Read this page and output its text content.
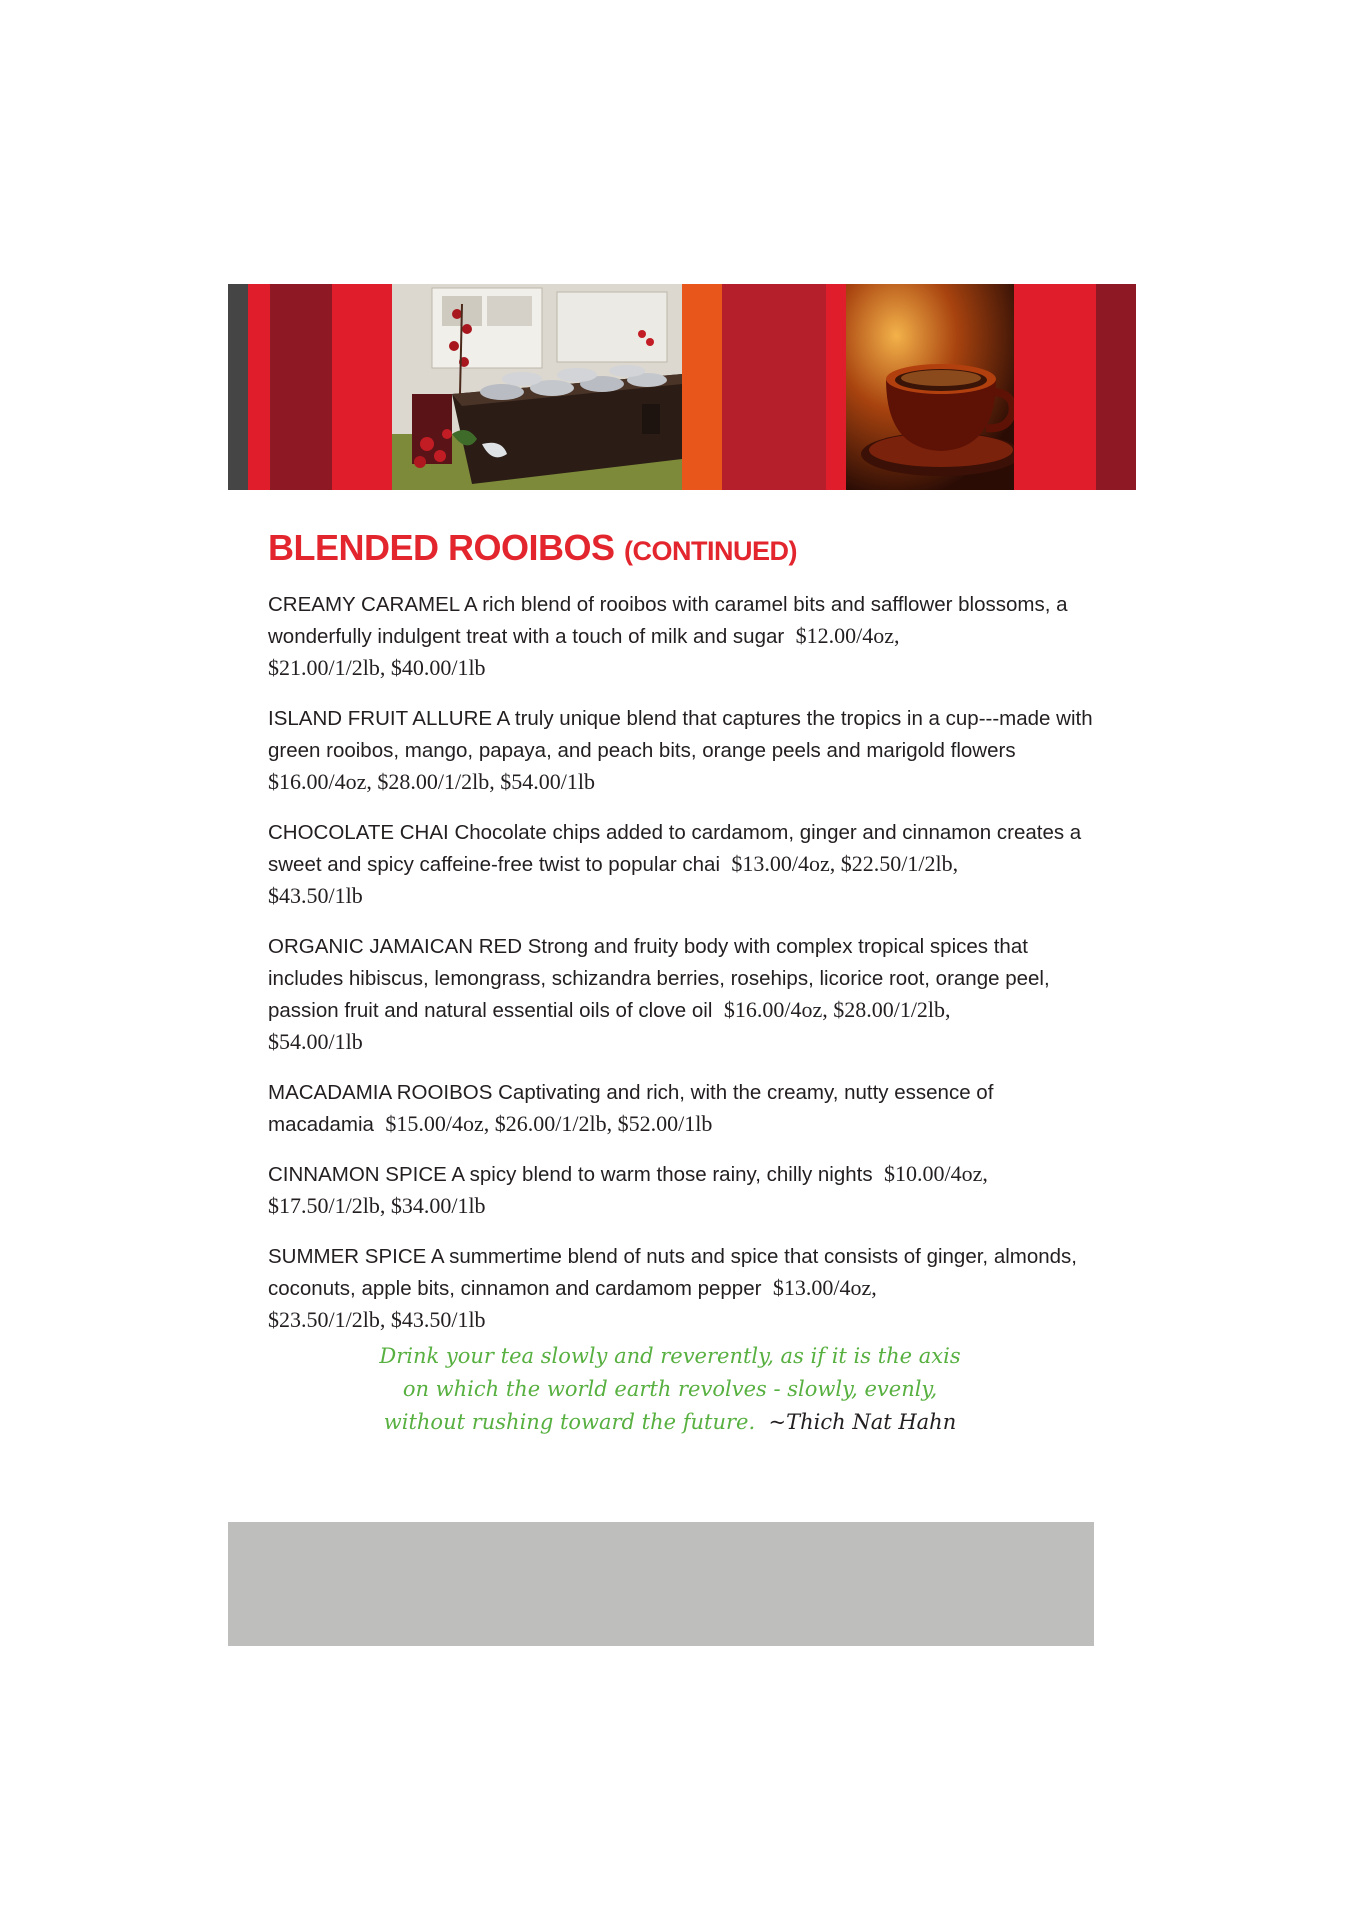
BLENDED ROOIBOS (CONTINUED)

CREAMY CARAMEL A rich blend of rooibos with caramel bits and safflower blossoms, a wonderfully indulgent treat with a touch of milk and sugar $12.00/4oz,
$21.00/1/2lb, $40.00/1lb

ISLAND FRUIT ALLURE A truly unique blend that captures the tropics in a cup---made with green rooibos, mango, papaya, and peach bits, orange peels and marigold flowers
$16.00/4oz, $28.00/1/2lb, $54.00/1lb

CHOCOLATE CHAI Chocolate chips added to cardamom, ginger and cinnamon creates a sweet and spicy caffeine-free twist to popular chai $13.00/4oz, $22.50/1/2lb,
$43.50/1lb

ORGANIC JAMAICAN RED Strong and fruity body with complex tropical spices that includes hibiscus, lemongrass, schizandra berries, rosehips, licorice root, orange peel, passion fruit and natural essential oils of clove oil $16.00/4oz, $28.00/1/2lb,
$54.00/1lb

MACADAMIA ROOIBOS Captivating and rich, with the creamy, nutty essence of macadamia $15.00/4oz, $26.00/1/2lb, $52.00/1lb

CINNAMON SPICE A spicy blend to warm those rainy, chilly nights $10.00/4oz,
$17.50/1/2lb, $34.00/1lb

SUMMER SPICE A summertime blend of nuts and spice that consists of ginger, almonds, coconuts, apple bits, cinnamon and cardamom pepper $13.00/4oz,
$23.50/1/2lb, $43.50/1lb

Drink your tea slowly and reverently, as if it is the axis
on which the world earth revolves - slowly, evenly,
without rushing toward the future. ~Thich Nat Hahn
